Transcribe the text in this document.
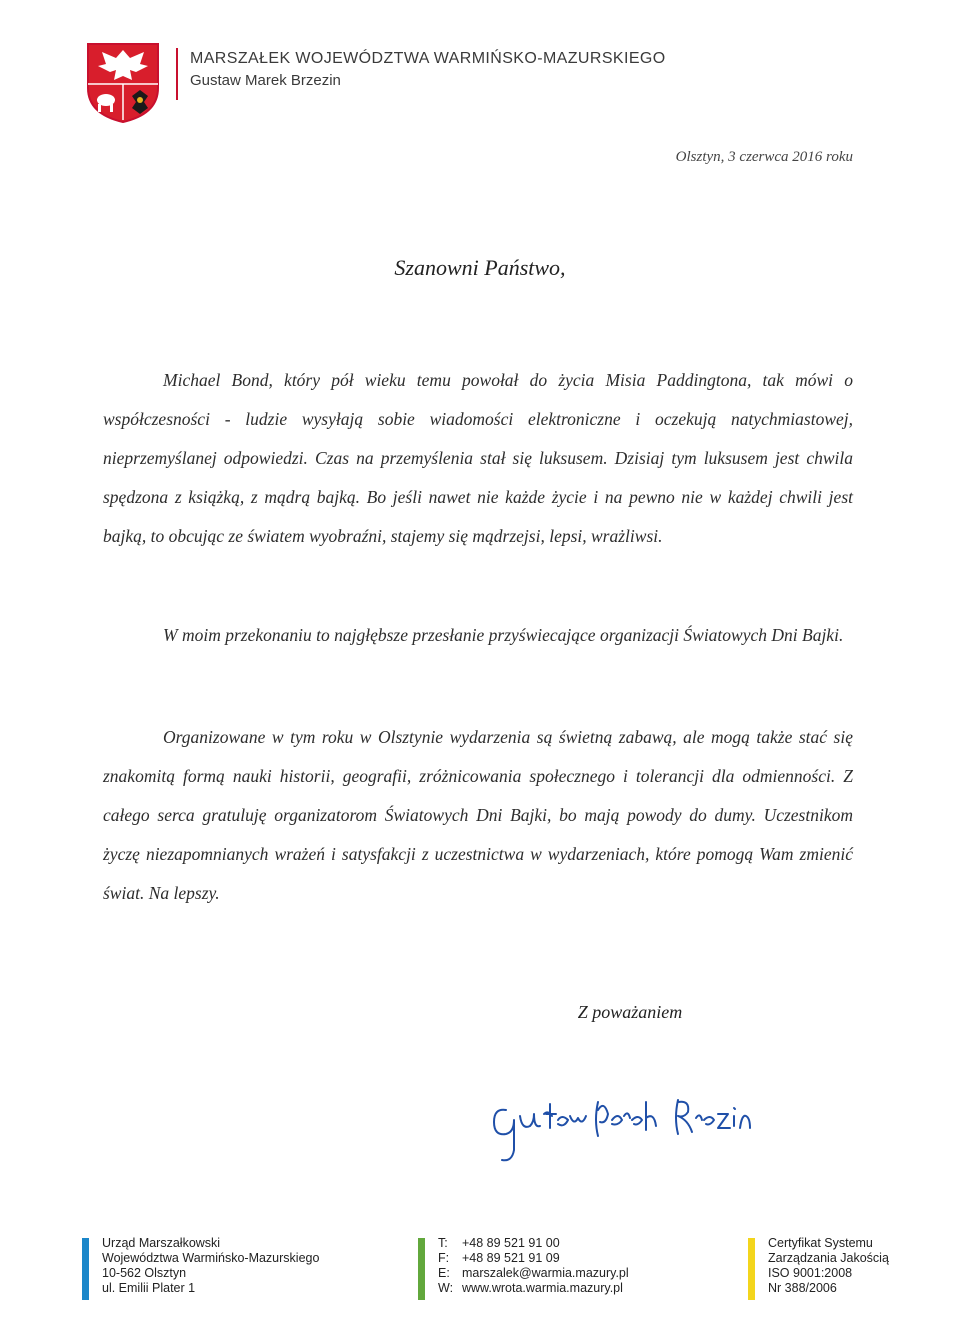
MARSZAŁEK WOJEWÓDZTWA WARMIŃSKO-MAZURSKIEGO
Gustaw Marek Brzezin
Olsztyn, 3 czerwca 2016 roku
Szanowni Państwo,

Michael Bond, który pół wieku temu powołał do życia Misia Paddingtona, tak mówi o współczesności - ludzie wysyłają sobie wiadomości elektroniczne i oczekują natychmiastowej, nieprzemyślanej odpowiedzi. Czas na przemyślenia stał się luksusem. Dzisiaj tym luksusem jest chwila spędzona z książką, z mądrą bajką. Bo jeśli nawet nie każde życie i na pewno nie w każdej chwili jest bajką, to obcując ze światem wyobraźni, stajemy się mądrzejsi, lepsi, wrażliwsi.

W moim przekonaniu to najgłębsze przesłanie przyświecające organizacji Światowych Dni Bajki.

Organizowane w tym roku w Olsztynie wydarzenia są świetną zabawą, ale mogą także stać się znakomitą formą nauki historii, geografii, zróżnicowania społecznego i tolerancji dla odmienności. Z całego serca gratuluję organizatorom Światowych Dni Bajki, bo mają powody do dumy. Uczestnikom życzę niezapomnianych wrażeń i satysfakcji z uczestnictwa w wydarzeniach, które pomogą Wam zmienić świat. Na lepszy.

Z poważaniem
Urząd Marszałkowski
Województwa Warmińsko-Mazurskiego
10-562 Olsztyn
ul. Emilii Plater 1
T:	+48 89 521 91 00
F:	+48 89 521 91 09
E: marszalek@warmia.mazury.pl
W: www.wrota.warmia.mazury.pl
Certyfikat Systemu
Zarządzania Jakością
ISO 9001:2008
Nr 388/2006
